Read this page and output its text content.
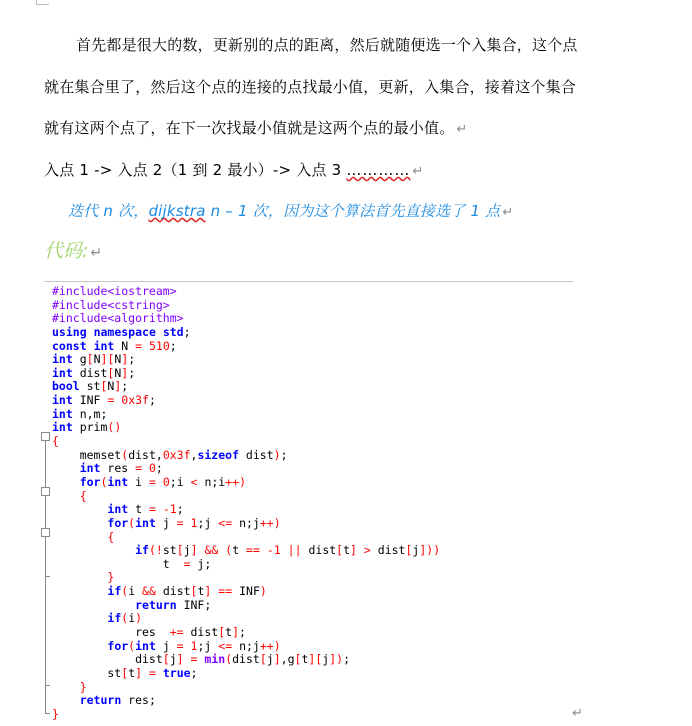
首先都是很大的数，更新别的点的距离，然后就随便选一个入集合，这个点
就在集合里了，然后这个点的连接的点找最小值，更新，入集合，接着这个集合
就有这两个点了，在下一次找最小值就是这两个点的最小值。 ↵
入点 1 -> 入点 2（1 到 2 最小）-> 入点 3 ………… ↵
迭代 n 次，dijkstra n – 1 次，因为这个算法首先直接选了 1 点 ↵
代码: ↵
#include<iostream>
#include<cstring>
#include<algorithm>
using namespace std;
const int N = 510;
int g[N][N];
int dist[N];
bool st[N];
int INF = 0x3f;
int n,m;
int prim()
{
memset(dist,0x3f,sizeof dist);
int res = 0;
for(int i = 0;i < n;i++)
{
int t = -1;
for(int j = 1;j <= n;j++)
{
if(!st[j] && (t == -1 || dist[t] > dist[j]))
t  = j;
}
if(i && dist[t] == INF)
return INF;
if(i)
res  += dist[t];
for(int j = 1;j <= n;j++)
dist[j] = min(dist[j],g[t][j]);
st[t] = true;
}
return res;
}	↵
